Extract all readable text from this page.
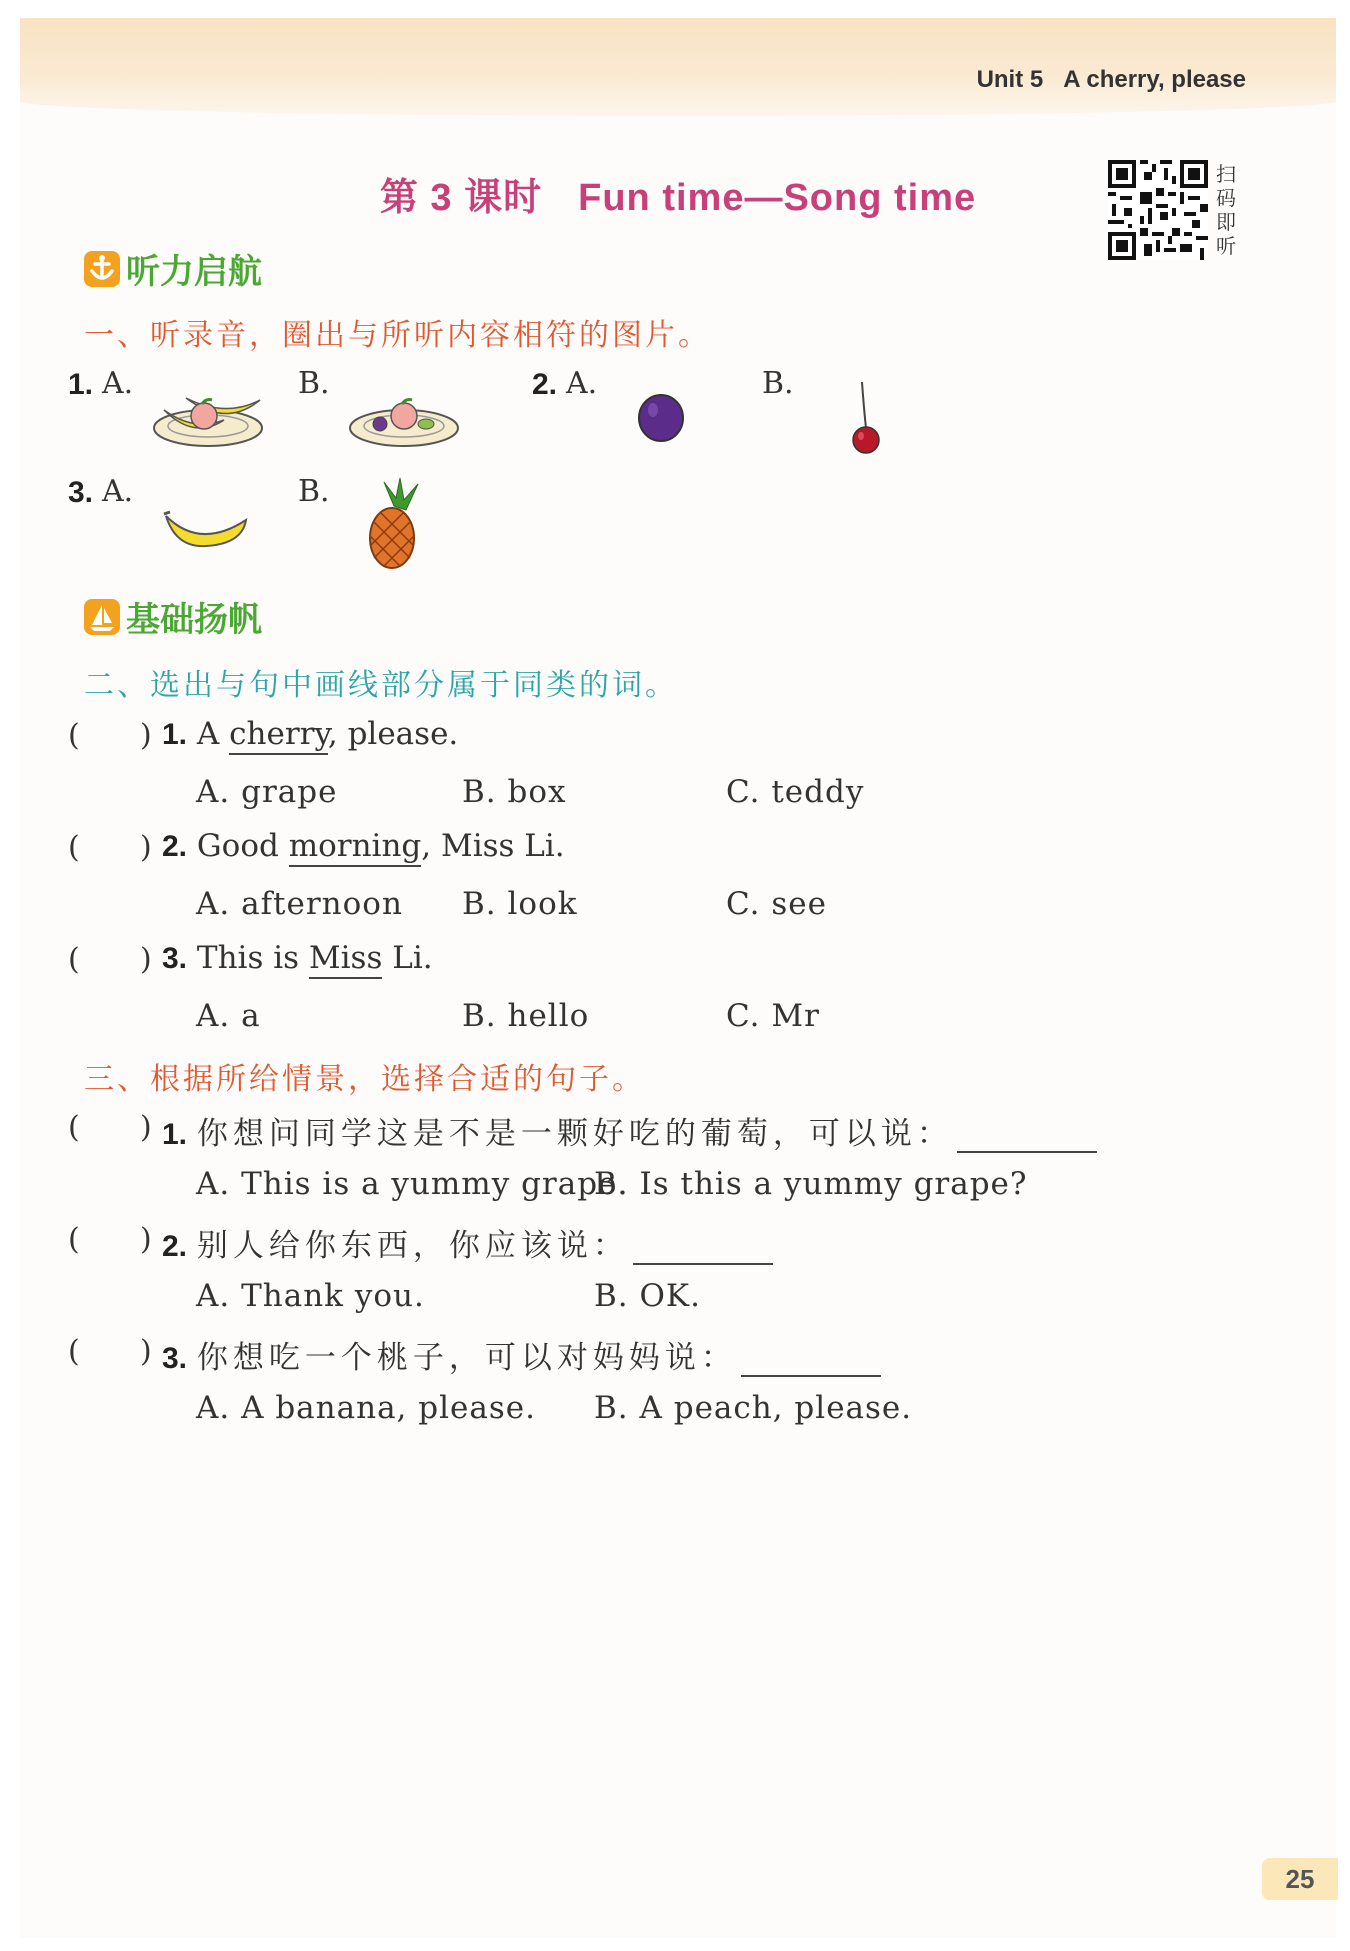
Unit 5 A cherry, please
第 3 课时 Fun time—Song time
扫
码
即
听
听力启航
一、听录音，圈出与所听内容相符的图片。
1. A.	B.	2. A.	B.
3. A.	B.
基础扬帆
二、选出与句中画线部分属于同类的词。
( ) 1. A cherry, please.
A. grape	B. box	C. teddy
( ) 2. Good morning, Miss Li.
A. afternoon B. look	C. see
( ) 3. This is Miss Li.
A. a	B. hello	C. Mr
三、根据所给情景，选择合适的句子。
( ) 1. 你想问同学这是不是一颗好吃的葡萄，可以说：
A. This is a yummy grape.
B. Is this a yummy grape?
( ) 2. 别人给你东西，你应该说：
A. Thank you.	B. OK.
( ) 3. 你想吃一个桃子，可以对妈妈说：
A. A banana, please. B. A peach, please.
25
